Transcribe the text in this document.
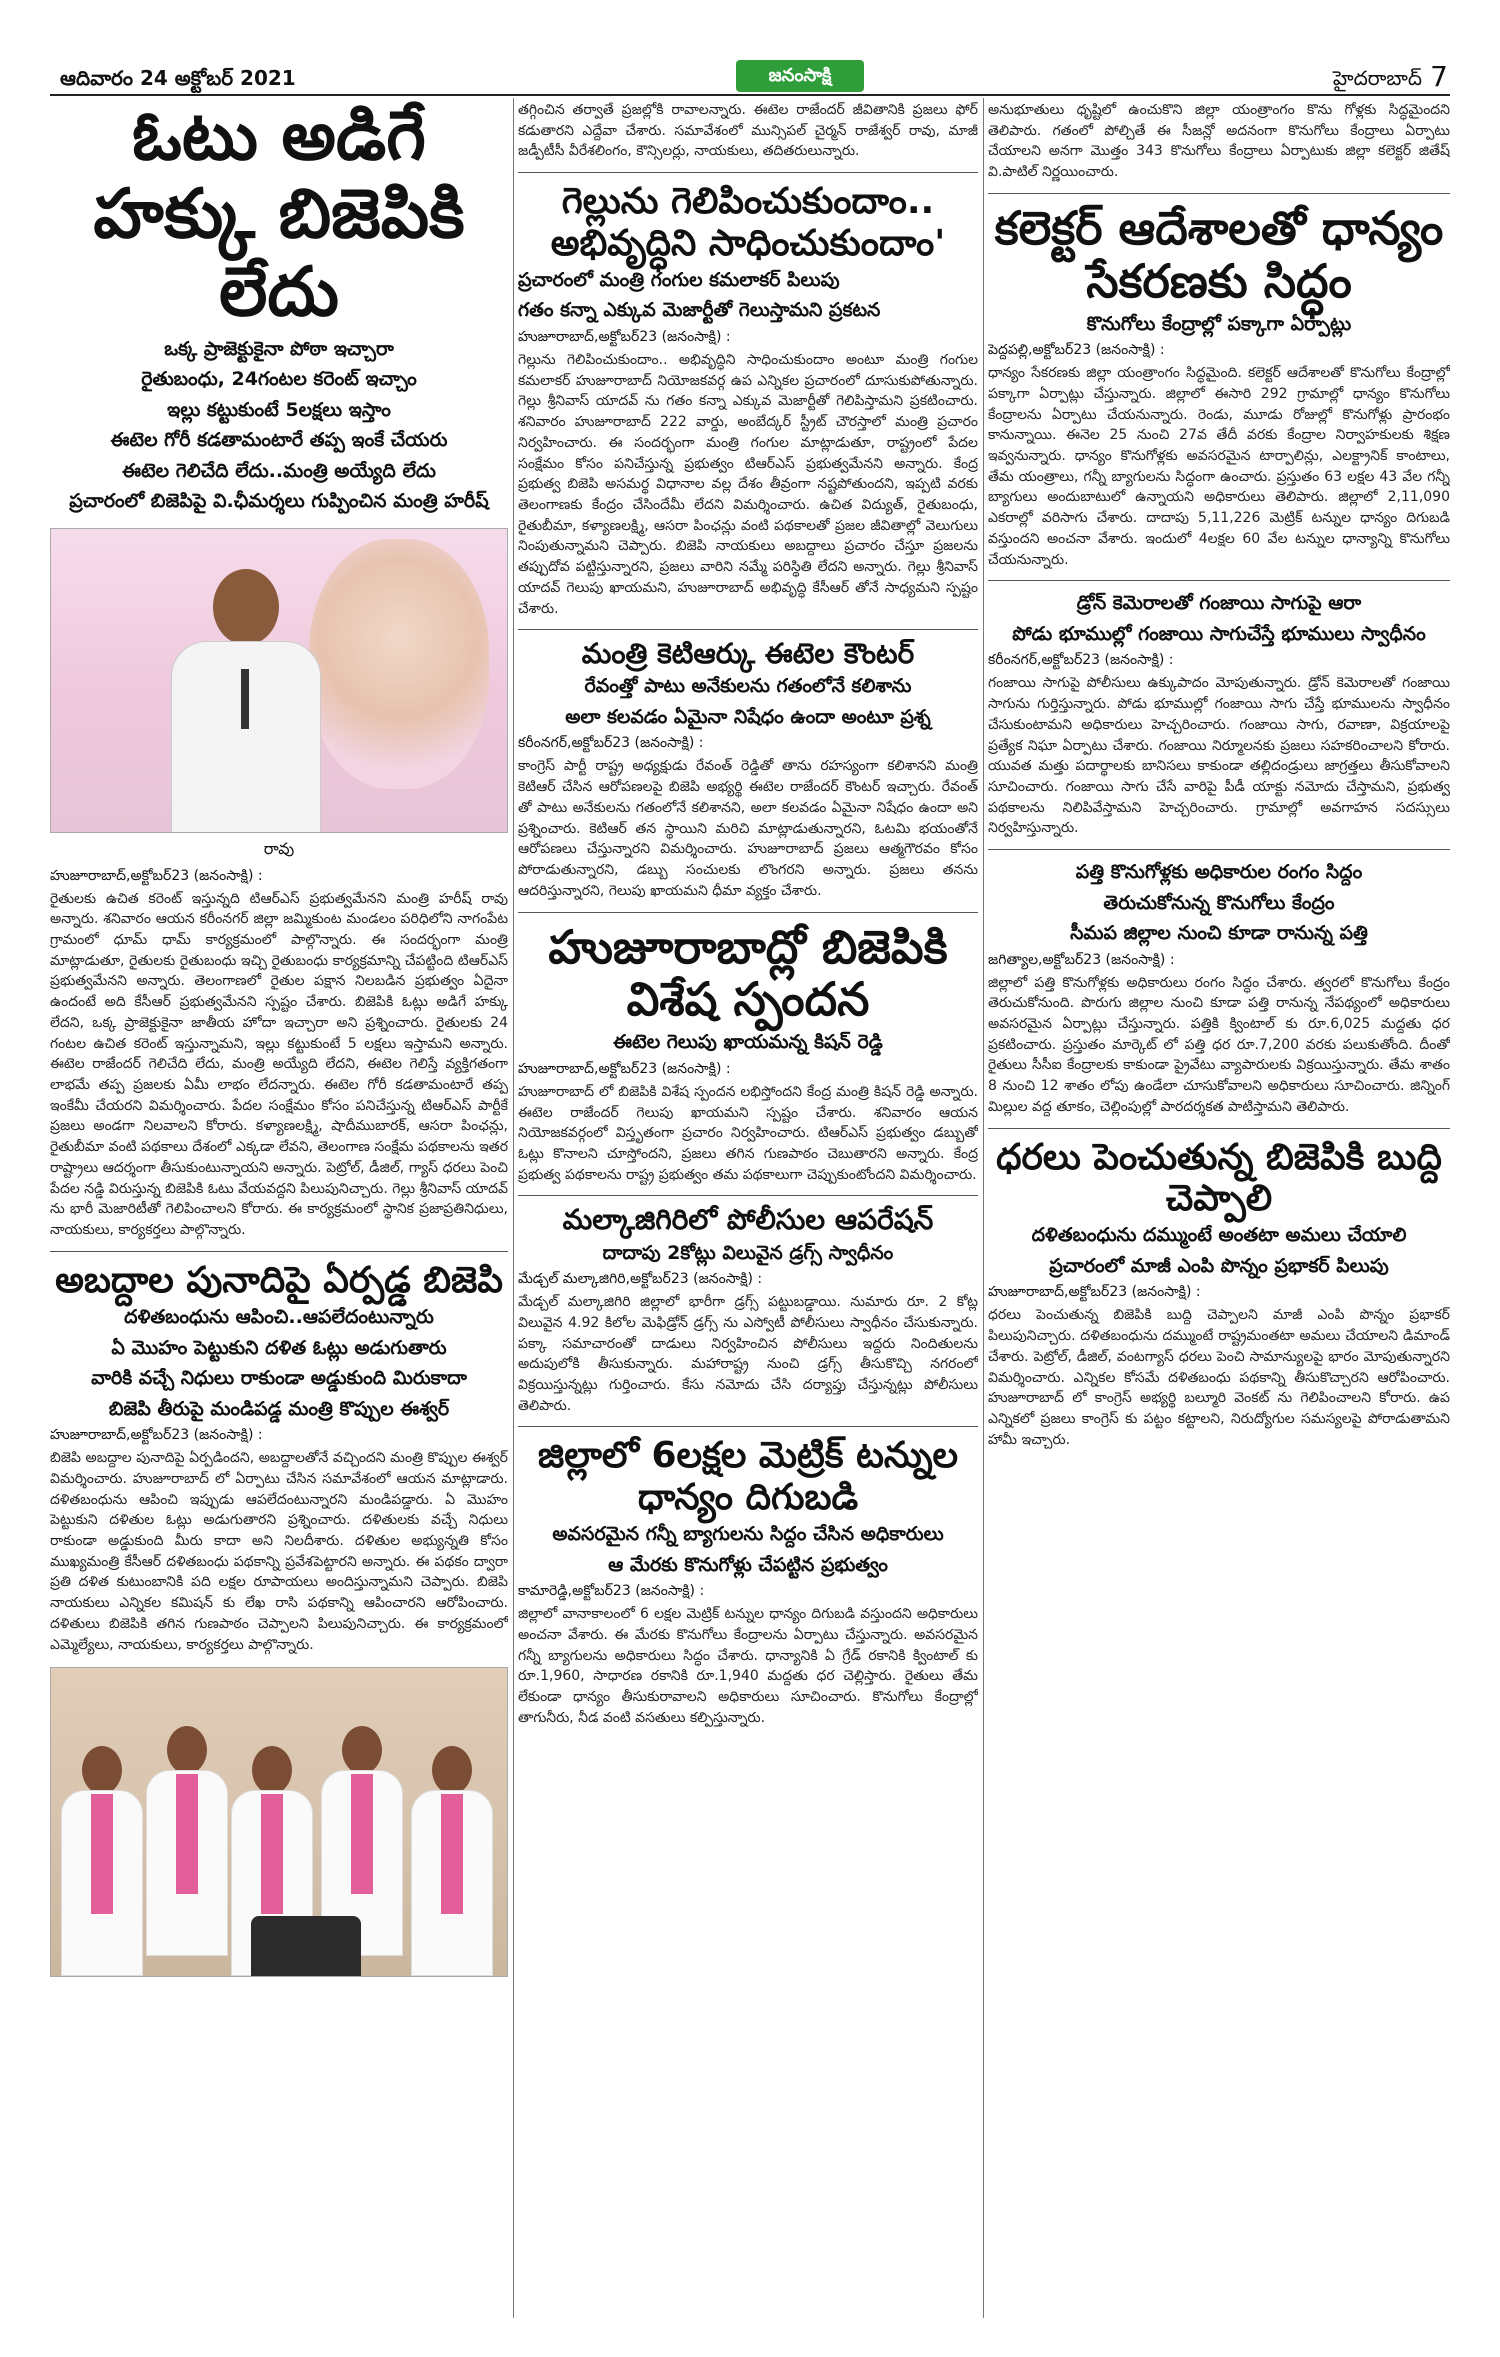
ఆదివారం 24 అక్టోబర్ 2021	జనంసాక్షి	హైదరాబాద్ 7
ఓటు అడిగే హక్కు బిజెపికి లేదు
ఒక్క ప్రాజెక్టుకైనా పోఠా ఇచ్చారా
రైతుబంధు, 24గంటల కరెంట్ ఇచ్చాం
ఇల్లు కట్టుకుంటే 5లక్షలు ఇస్తాం
ఈటెల గోరీ కడతామంటారే తప్ప ఇంకే చేయరు
ఈటెల గెలిచేది లేదు..మంత్రి అయ్యేది లేదు
ప్రచారంలో బిజెపిపై వి.ఛీమర్శలు గుప్పించిన మంత్రి హరీష్
రావు
హుజూరాబాద్,అక్టోబర్23 (జనంసాక్షి) :
రైతులకు ఉచిత కరెంట్ ఇస్తున్నది టిఆర్ఎస్ ప్రభుత్వమేనని మంత్రి హరీష్ రావు అన్నారు. శనివారం ఆయన కరీంనగర్ జిల్లా జమ్మికుంట మండలం పరిధిలోని నాగంపేట గ్రామంలో ధూమ్ ధామ్ కార్యక్రమంలో పాల్గొన్నారు. ఈ సందర్భంగా మంత్రి మాట్లాడుతూ, రైతులకు రైతుబంధు ఇచ్చి రైతుబంధు కార్యక్రమాన్ని చేపట్టింది టిఆర్ఎస్ ప్రభుత్వమేనని అన్నారు. తెలంగాణలో రైతుల పక్షాన నిలబడిన ప్రభుత్వం ఏదైనా ఉందంటే అది కేసీఆర్ ప్రభుత్వమేనని స్పష్టం చేశారు. బిజెపికి ఓట్లు అడిగే హక్కు లేదని, ఒక్క ప్రాజెక్టుకైనా జాతీయ హోదా ఇచ్చారా అని ప్రశ్నించారు. రైతులకు 24 గంటల ఉచిత కరెంట్ ఇస్తున్నామని, ఇల్లు కట్టుకుంటే 5 లక్షలు ఇస్తామని అన్నారు. ఈటెల రాజేందర్ గెలిచేది లేదు, మంత్రి అయ్యేది లేదని, ఈటెల గెలిస్తే వ్యక్తిగతంగా లాభమే తప్ప ప్రజలకు ఏమీ లాభం లేదన్నారు. ఈటెల గోరీ కడతామంటారే తప్ప ఇంకేమీ చేయరని విమర్శించారు. పేదల సంక్షేమం కోసం పనిచేస్తున్న టిఆర్ఎస్ పార్టీకే ప్రజలు అండగా నిలవాలని కోరారు. కళ్యాణలక్ష్మి, షాదీముబారక్, ఆసరా పింఛన్లు, రైతుబీమా వంటి పథకాలు దేశంలో ఎక్కడా లేవని, తెలంగాణ సంక్షేమ పథకాలను ఇతర రాష్ట్రాలు ఆదర్శంగా తీసుకుంటున్నాయని అన్నారు. పెట్రోల్, డీజిల్, గ్యాస్ ధరలు పెంచి పేదల నడ్డి విరుస్తున్న బిజెపికి ఓటు వేయవద్దని పిలుపునిచ్చారు. గెల్లు శ్రీనివాస్ యాదవ్ ను భారీ మెజారిటీతో గెలిపించాలని కోరారు. ఈ కార్యక్రమంలో స్థానిక ప్రజాప్రతినిధులు, నాయకులు, కార్యకర్తలు పాల్గొన్నారు.
అబద్దాల పునాదిపై ఏర్పడ్డ బిజెపి
దళితబంధును ఆపించి..ఆపలేదంటున్నారు
ఏ మొహం పెట్టుకుని దళిత ఓట్లు అడుగుతారు
వారికి వచ్చే నిధులు రాకుండా అడ్డుకుంది మిరుకాదా
బిజెపి తీరుపై మండిపడ్డ మంత్రి కొప్పుల ఈశ్వర్
హుజూరాబాద్,అక్టోబర్23 (జనంసాక్షి) :
బిజెపి అబద్దాల పునాదిపై ఏర్పడిందని, అబద్దాలతోనే వచ్చిందని మంత్రి కొప్పుల ఈశ్వర్ విమర్శించారు. హుజూరాబాద్ లో ఏర్పాటు చేసిన సమావేశంలో ఆయన మాట్లాడారు. దళితబంధును ఆపించి ఇప్పుడు ఆపలేదంటున్నారని మండిపడ్డారు. ఏ మొహం పెట్టుకుని దళితుల ఓట్లు అడుగుతారని ప్రశ్నించారు. దళితులకు వచ్చే నిధులు రాకుండా అడ్డుకుంది మీరు కాదా అని నిలదీశారు. దళితుల అభ్యున్నతి కోసం ముఖ్యమంత్రి కేసీఆర్ దళితబంధు పథకాన్ని ప్రవేశపెట్టారని అన్నారు. ఈ పథకం ద్వారా ప్రతి దళిత కుటుంబానికి పది లక్షల రూపాయలు అందిస్తున్నామని చెప్పారు. బిజెపి నాయకులు ఎన్నికల కమిషన్ కు లేఖ రాసి పథకాన్ని ఆపించారని ఆరోపించారు. దళితులు బిజెపికి తగిన గుణపాఠం చెప్పాలని పిలుపునిచ్చారు. ఈ కార్యక్రమంలో ఎమ్మెల్యేలు, నాయకులు, కార్యకర్తలు పాల్గొన్నారు.
తగ్గించిన తర్వాతే ప్రజల్లోకి రావాలన్నారు. ఈటెల రాజేందర్ జీవితానికి ప్రజలు ఫోర్ కడుతారని ఎద్దేవా చేశారు. సమావేశంలో మున్సిపల్ చైర్మన్ రాజేశ్వర్ రావు, మాజీ జడ్పీటీసీ వీరేశలింగం, కౌన్సిలర్లు, నాయకులు, తదితరులున్నారు.
గెల్లును గెలిపించుకుందాం.. అభివృద్ధిని సాధించుకుందాం'
ప్రచారంలో మంత్రి గంగుల కమలాకర్ పిలుపు
గతం కన్నా ఎక్కువ మెజార్టీతో గెలుస్తామని ప్రకటన
హుజూరాబాద్,అక్టోబర్23 (జనంసాక్షి) :
గెల్లును గెలిపించుకుందాం.. అభివృద్ధిని సాధించుకుందాం అంటూ మంత్రి గంగుల కమలాకర్ హుజూరాబాద్ నియోజకవర్గ ఉప ఎన్నికల ప్రచారంలో దూసుకుపోతున్నారు. గెల్లు శ్రీనివాస్ యాదవ్ ను గతం కన్నా ఎక్కువ మెజార్టీతో గెలిపిస్తామని ప్రకటించారు. శనివారం హుజూరాబాద్ 222 వార్డు, అంబేద్కర్ స్ట్రీట్ చౌరస్తాలో మంత్రి ప్రచారం నిర్వహించారు. ఈ సందర్భంగా మంత్రి గంగుల మాట్లాడుతూ, రాష్ట్రంలో పేదల సంక్షేమం కోసం పనిచేస్తున్న ప్రభుత్వం టిఆర్ఎస్ ప్రభుత్వమేనని అన్నారు. కేంద్ర ప్రభుత్వ బిజెపి అసమర్థ విధానాల వల్ల దేశం తీవ్రంగా నష్టపోతుందని, ఇప్పటి వరకు తెలంగాణకు కేంద్రం చేసిందేమీ లేదని విమర్శించారు. ఉచిత విద్యుత్, రైతుబంధు, రైతుబీమా, కళ్యాణలక్ష్మి, ఆసరా పింఛన్లు వంటి పథకాలతో ప్రజల జీవితాల్లో వెలుగులు నింపుతున్నామని చెప్పారు. బిజెపి నాయకులు అబద్దాలు ప్రచారం చేస్తూ ప్రజలను తప్పుదోవ పట్టిస్తున్నారని, ప్రజలు వారిని నమ్మే పరిస్థితి లేదని అన్నారు. గెల్లు శ్రీనివాస్ యాదవ్ గెలుపు ఖాయమని, హుజూరాబాద్ అభివృద్ధి కేసీఆర్ తోనే సాధ్యమని స్పష్టం చేశారు.
మంత్రి కెటిఆర్కు ఈటెల కౌంటర్
రేవంత్తో పాటు అనేకులను గతంలోనే కలిశాను
అలా కలవడం ఏమైనా నిషేధం ఉందా అంటూ ప్రశ్న
కరీంనగర్,అక్టోబర్23 (జనంసాక్షి) :
కాంగ్రెస్ పార్టీ రాష్ట్ర అధ్యక్షుడు రేవంత్ రెడ్డితో తాను రహస్యంగా కలిశానని మంత్రి కెటిఆర్ చేసిన ఆరోపణలపై బిజెపి అభ్యర్థి ఈటెల రాజేందర్ కౌంటర్ ఇచ్చారు. రేవంత్ తో పాటు అనేకులను గతంలోనే కలిశానని, అలా కలవడం ఏమైనా నిషేధం ఉందా అని ప్రశ్నించారు. కెటిఆర్ తన స్థాయిని మరిచి మాట్లాడుతున్నారని, ఓటమి భయంతోనే ఆరోపణలు చేస్తున్నారని విమర్శించారు. హుజూరాబాద్ ప్రజలు ఆత్మగౌరవం కోసం పోరాడుతున్నారని, డబ్బు సంచులకు లొంగరని అన్నారు. ప్రజలు తనను ఆదరిస్తున్నారని, గెలుపు ఖాయమని ధీమా వ్యక్తం చేశారు.
హుజూరాబాద్లో బిజెపికి విశేష స్పందన
ఈటెల గెలుపు ఖాయమన్న కిషన్ రెడ్డి
హుజూరాబాద్,అక్టోబర్23 (జనంసాక్షి) :
హుజూరాబాద్ లో బిజెపికి విశేష స్పందన లభిస్తోందని కేంద్ర మంత్రి కిషన్ రెడ్డి అన్నారు. ఈటెల రాజేందర్ గెలుపు ఖాయమని స్పష్టం చేశారు. శనివారం ఆయన నియోజకవర్గంలో విస్తృతంగా ప్రచారం నిర్వహించారు. టిఆర్ఎస్ ప్రభుత్వం డబ్బుతో ఓట్లు కొనాలని చూస్తోందని, ప్రజలు తగిన గుణపాఠం చెబుతారని అన్నారు. కేంద్ర ప్రభుత్వ పథకాలను రాష్ట్ర ప్రభుత్వం తమ పథకాలుగా చెప్పుకుంటోందని విమర్శించారు.
మల్కాజిగిరిలో పోలీసుల ఆపరేషన్
దాదాపు 2కోట్లు విలువైన డ్రగ్స్ స్వాధీనం
మేడ్చల్ మల్కాజిగిరి,అక్టోబర్23 (జనంసాక్షి) :
మేడ్చల్ మల్కాజిగిరి జిల్లాలో భారీగా డ్రగ్స్ పట్టుబడ్డాయి. నుమారు రూ. 2 కోట్ల విలువైన 4.92 కిలోల మెఫిడ్రోన్ డ్రగ్స్ ను ఎస్వోటీ పోలీసులు స్వాధీనం చేసుకున్నారు. పక్కా సమాచారంతో దాడులు నిర్వహించిన పోలీసులు ఇద్దరు నిందితులను అదుపులోకి తీసుకున్నారు. మహారాష్ట్ర నుంచి డ్రగ్స్ తీసుకొచ్చి నగరంలో విక్రయిస్తున్నట్లు గుర్తించారు. కేసు నమోదు చేసి దర్యాప్తు చేస్తున్నట్లు పోలీసులు తెలిపారు.
జిల్లాలో 6లక్షల మెట్రిక్ టన్నుల ధాన్యం దిగుబడి
అవసరమైన గన్నీ బ్యాగులను సిద్దం చేసిన అధికారులు
ఆ మేరకు కొనుగోళ్లు చేపట్టిన ప్రభుత్వం
కామారెడ్డి,అక్టోబర్23 (జనంసాక్షి) :
జిల్లాలో వానాకాలంలో 6 లక్షల మెట్రిక్ టన్నుల ధాన్యం దిగుబడి వస్తుందని అధికారులు అంచనా వేశారు. ఈ మేరకు కొనుగోలు కేంద్రాలను ఏర్పాటు చేస్తున్నారు. అవసరమైన గన్నీ బ్యాగులను అధికారులు సిద్ధం చేశారు. ధాన్యానికి ఏ గ్రేడ్ రకానికి క్వింటాల్ కు రూ.1,960, సాధారణ రకానికి రూ.1,940 మద్దతు ధర చెల్లిస్తారు. రైతులు తేమ లేకుండా ధాన్యం తీసుకురావాలని అధికారులు సూచించారు. కొనుగోలు కేంద్రాల్లో తాగునీరు, నీడ వంటి వసతులు కల్పిస్తున్నారు.
అనుభూతులు ధృష్టిలో ఉంచుకొని జిల్లా యంత్రాంగం కొను గోళ్లకు సిద్ధమైందని తెలిపారు. గతంలో పోల్చితే ఈ సీజన్లో అదనంగా కొనుగోలు కేంద్రాలు ఏర్పాటు చేయాలని అనగా మొత్తం 343 కొనుగోలు కేంద్రాలు ఏర్పాటుకు జిల్లా కలెక్టర్ జితేష్ వి.పాటిల్ నిర్ణయించారు.
కలెక్టర్ ఆదేశాలతో ధాన్యం సేకరణకు సిద్ధం
కొనుగోలు కేంద్రాల్లో పక్కాగా ఏర్పాట్లు
పెద్దపల్లి,అక్టోబర్23 (జనంసాక్షి) :
ధాన్యం సేకరణకు జిల్లా యంత్రాంగం సిద్ధమైంది. కలెక్టర్ ఆదేశాలతో కొనుగోలు కేంద్రాల్లో పక్కాగా ఏర్పాట్లు చేస్తున్నారు. జిల్లాలో ఈసారి 292 గ్రామాల్లో ధాన్యం కొనుగోలు కేంద్రాలను ఏర్పాటు చేయనున్నారు. రెండు, మూడు రోజుల్లో కొనుగోళ్లు ప్రారంభం కానున్నాయి. ఈనెల 25 నుంచి 27వ తేదీ వరకు కేంద్రాల నిర్వాహకులకు శిక్షణ ఇవ్వనున్నారు. ధాన్యం కొనుగోళ్లకు అవసరమైన టార్పాలిన్లు, ఎలక్ట్రానిక్ కాంటాలు, తేమ యంత్రాలు, గన్నీ బ్యాగులను సిద్ధంగా ఉంచారు. ప్రస్తుతం 63 లక్షల 43 వేల గన్నీ బ్యాగులు అందుబాటులో ఉన్నాయని అధికారులు తెలిపారు. జిల్లాలో 2,11,090 ఎకరాల్లో వరిసాగు చేశారు. దాదాపు 5,11,226 మెట్రిక్ టన్నుల ధాన్యం దిగుబడి వస్తుందని అంచనా వేశారు. ఇందులో 4లక్షల 60 వేల టన్నుల ధాన్యాన్ని కొనుగోలు చేయనున్నారు.
డ్రోన్ కెమెరాలతో గంజాయి సాగుపై ఆరా
పోడు భూముల్లో గంజాయి సాగుచేస్తే భూములు స్వాధీనం
కరీంనగర్,అక్టోబర్23 (జనంసాక్షి) :
గంజాయి సాగుపై పోలీసులు ఉక్కుపాదం మోపుతున్నారు. డ్రోన్ కెమెరాలతో గంజాయి సాగును గుర్తిస్తున్నారు. పోడు భూముల్లో గంజాయి సాగు చేస్తే భూములను స్వాధీనం చేసుకుంటామని అధికారులు హెచ్చరించారు. గంజాయి సాగు, రవాణా, విక్రయాలపై ప్రత్యేక నిఘా ఏర్పాటు చేశారు. గంజాయి నిర్మూలనకు ప్రజలు సహకరించాలని కోరారు. యువత మత్తు పదార్థాలకు బానిసలు కాకుండా తల్లిదండ్రులు జాగ్రత్తలు తీసుకోవాలని సూచించారు. గంజాయి సాగు చేసే వారిపై పీడీ యాక్టు నమోదు చేస్తామని, ప్రభుత్వ పథకాలను నిలిపివేస్తామని హెచ్చరించారు. గ్రామాల్లో అవగాహన సదస్సులు నిర్వహిస్తున్నారు.
పత్తి కొనుగోళ్లకు అధికారుల రంగం సిద్దం
తెరుచుకోనున్న కొనుగోలు కేంద్రం
సీమప జిల్లాల నుంచి కూడా రానున్న పత్తి
జగిత్యాల,అక్టోబర్23 (జనంసాక్షి) :
జిల్లాలో పత్తి కొనుగోళ్లకు అధికారులు రంగం సిద్ధం చేశారు. త్వరలో కొనుగోలు కేంద్రం తెరుచుకోనుంది. పొరుగు జిల్లాల నుంచి కూడా పత్తి రానున్న నేపథ్యంలో అధికారులు అవసరమైన ఏర్పాట్లు చేస్తున్నారు. పత్తికి క్వింటాల్ కు రూ.6,025 మద్దతు ధర ప్రకటించారు. ప్రస్తుతం మార్కెట్ లో పత్తి ధర రూ.7,200 వరకు పలుకుతోంది. దీంతో రైతులు సీసీఐ కేంద్రాలకు కాకుండా ప్రైవేటు వ్యాపారులకు విక్రయిస్తున్నారు. తేమ శాతం 8 నుంచి 12 శాతం లోపు ఉండేలా చూసుకోవాలని అధికారులు సూచించారు. జిన్నింగ్ మిల్లుల వద్ద తూకం, చెల్లింపుల్లో పారదర్శకత పాటిస్తామని తెలిపారు.
ధరలు పెంచుతున్న బిజెపికి బుద్ది చెప్పాలి
దళితబంధును దమ్ముంటే అంతటా అమలు చేయాలి
ప్రచారంలో మాజీ ఎంపి పొన్నం ప్రభాకర్ పిలుపు
హుజూరాబాద్,అక్టోబర్23 (జనంసాక్షి) :
ధరలు పెంచుతున్న బిజెపికి బుద్ది చెప్పాలని మాజీ ఎంపి పొన్నం ప్రభాకర్ పిలుపునిచ్చారు. దళితబంధును దమ్ముంటే రాష్ట్రమంతటా అమలు చేయాలని డిమాండ్ చేశారు. పెట్రోల్, డీజిల్, వంటగ్యాస్ ధరలు పెంచి సామాన్యులపై భారం మోపుతున్నారని విమర్శించారు. ఎన్నికల కోసమే దళితబంధు పథకాన్ని తీసుకొచ్చారని ఆరోపించారు. హుజూరాబాద్ లో కాంగ్రెస్ అభ్యర్థి బల్మూరి వెంకట్ ను గెలిపించాలని కోరారు. ఉప ఎన్నికలో ప్రజలు కాంగ్రెస్ కు పట్టం కట్టాలని, నిరుద్యోగుల సమస్యలపై పోరాడుతామని హామీ ఇచ్చారు.
